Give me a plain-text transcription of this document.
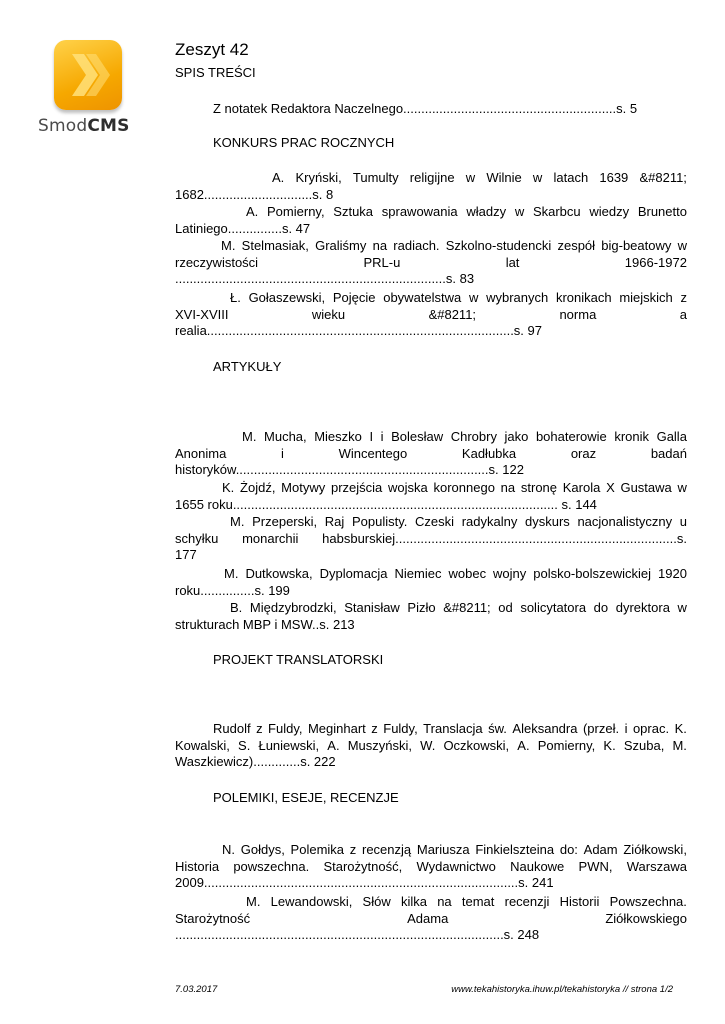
SmodCMS
Zeszyt 42
SPIS TREŚCI
Z notatek Redaktora Naczelnego...........................................................s. 5
KONKURS PRAC ROCZNYCH
A. Kryński, Tumulty religijne w Wilnie w latach 1639 &#8211;
1682..............................s. 8
A. Pomierny, Sztuka sprawowania władzy w Skarbcu wiedzy Brunetto
Latiniego...............s. 47
M. Stelmasiak, Graliśmy na radiach. Szkolno-studencki zespół big-beatowy w
rzeczywistości	PRL-u	lat	1966-1972
...........................................................................s. 83
Ł. Gołaszewski, Pojęcie obywatelstwa w wybranych kronikach miejskich z
XVI-XVIII	wieku	&#8211;	norma	a
realia.....................................................................................s. 97
ARTYKUŁY
M. Mucha, Mieszko I i Bolesław Chrobry jako bohaterowie kronik Galla
Anonima	i	Wincentego	Kadłubka	oraz	badań
historyków......................................................................s. 122
K. Żojdź, Motywy przejścia wojska koronnego na stronę Karola X Gustawa w
1655 roku.......................................................................................... s. 144
M. Przeperski, Raj Populisty. Czeski radykalny dyskurs nacjonalistyczny u
schyłku monarchii habsburskiej..............................................................................s.
177
M. Dutkowska, Dyplomacja Niemiec wobec wojny polsko-bolszewickiej 1920
roku...............s. 199
B. Międzybrodzki, Stanisław Pizło &#8211; od solicytatora do dyrektora w
strukturach MBP i MSW..s. 213
PROJEKT TRANSLATORSKI
Rudolf z Fuldy, Meginhart z Fuldy, Translacja św. Aleksandra (przeł. i oprac. K.
Kowalski, S. Łuniewski, A. Muszyński, W. Oczkowski, A. Pomierny, K. Szuba, M.
Waszkiewicz).............s. 222
POLEMIKI, ESEJE, RECENZJE
N. Gołdys, Polemika z recenzją Mariusza Finkielszteina do: Adam Ziółkowski,
Historia powszechna. Starożytność, Wydawnictwo Naukowe PWN, Warszawa
2009.......................................................................................s. 241
M. Lewandowski, Słów kilka na temat recenzji Historii Powszechna.
Starożytność	Adama	Ziółkowskiego
...........................................................................................s. 248
7.03.2017	www.tekahistoryka.ihuw.pl/tekahistoryka // strona 1/2
